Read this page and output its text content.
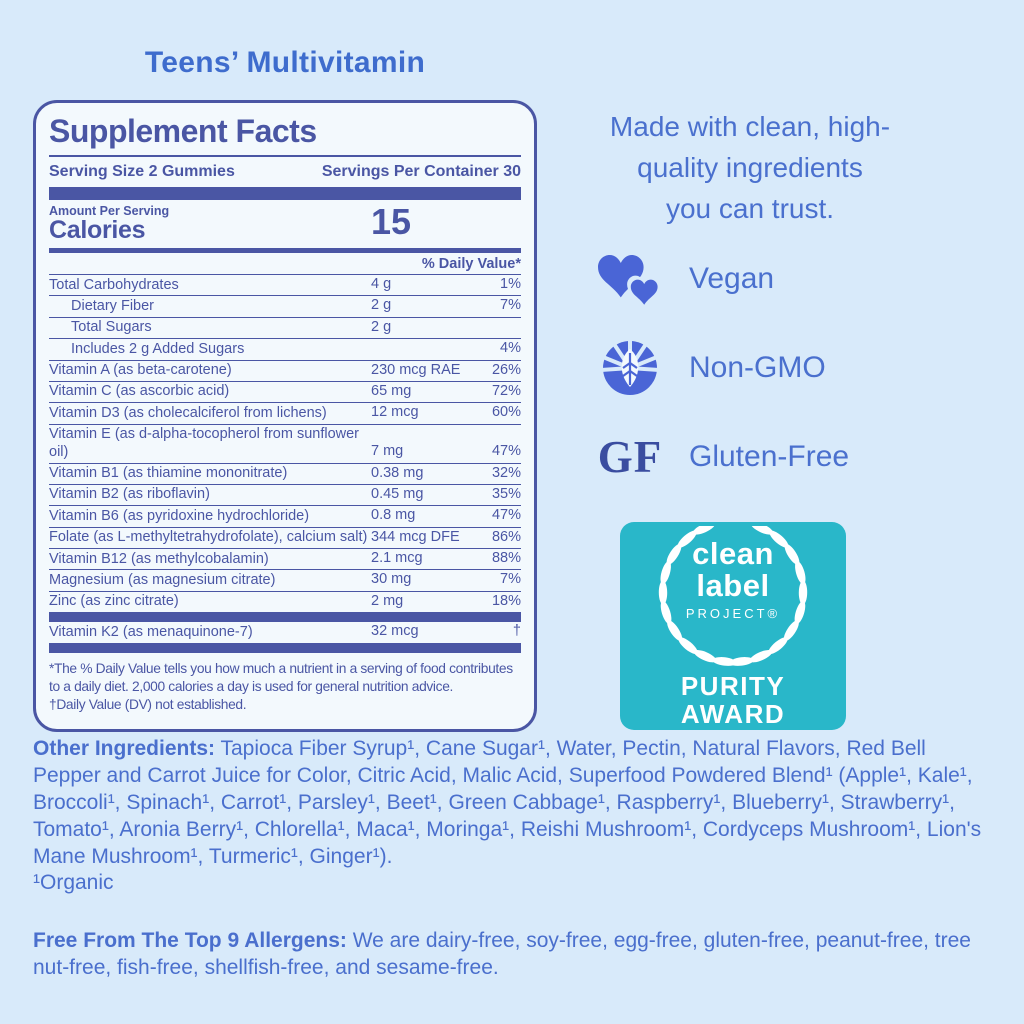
Teens’ Multivitamin
Supplement Facts
Serving Size 2 Gummies	Servings Per Container 30
Amount Per Serving
Calories	15
% Daily Value*
Total Carbohydrates	4 g	1%
Dietary Fiber	2 g	7%
Total Sugars	2 g
Includes 2 g Added Sugars	4%
Vitamin A (as beta-carotene)	230 mcg RAE 26%
Vitamin C (as ascorbic acid)	65 mg	72%
Vitamin D3 (as cholecalciferol from lichens)	12 mcg	60%
Vitamin E (as d-alpha-tocopherol from sunflower oil)	7 mg	47%
Vitamin B1 (as thiamine mononitrate)	0.38 mg	32%
Vitamin B2 (as riboflavin)	0.45 mg	35%
Vitamin B6 (as pyridoxine hydrochloride)	0.8 mg	47%
Folate (as L-methyltetrahydrofolate), calcium salt) 344 mcg DFE 86%
Vitamin B12 (as methylcobalamin)	2.1 mcg	88%
Magnesium (as magnesium citrate)	30 mg	7%
Zinc (as zinc citrate)	2 mg	18%
Vitamin K2 (as menaquinone-7)	32 mcg	†
*The % Daily Value tells you how much a nutrient in a serving of food contributes
to a daily diet. 2,000 calories a day is used for general nutrition advice.
†Daily Value (DV) not established.
Made with clean, high-
quality ingredients
you can trust.
Vegan
Non-GMO
GF Gluten-Free
clean
label
PROJECT®
PURITY
AWARD
Other Ingredients: Tapioca Fiber Syrup¹, Cane Sugar¹, Water, Pectin, Natural Flavors, Red Bell Pepper and Carrot Juice for Color, Citric Acid, Malic Acid, Superfood Powdered Blend¹ (Apple¹, Kale¹, Broccoli¹, Spinach¹, Carrot¹, Parsley¹, Beet¹, Green Cabbage¹, Raspberry¹, Blueberry¹, Strawberry¹, Tomato¹, Aronia Berry¹, Chlorella¹, Maca¹, Moringa¹, Reishi Mushroom¹, Cordyceps Mushroom¹, Lion's Mane Mushroom¹, Turmeric¹, Ginger¹).
¹Organic
Free From The Top 9 Allergens: We are dairy-free, soy-free, egg-free, gluten-free, peanut-free, tree nut-free, fish-free, shellfish-free, and sesame-free.
